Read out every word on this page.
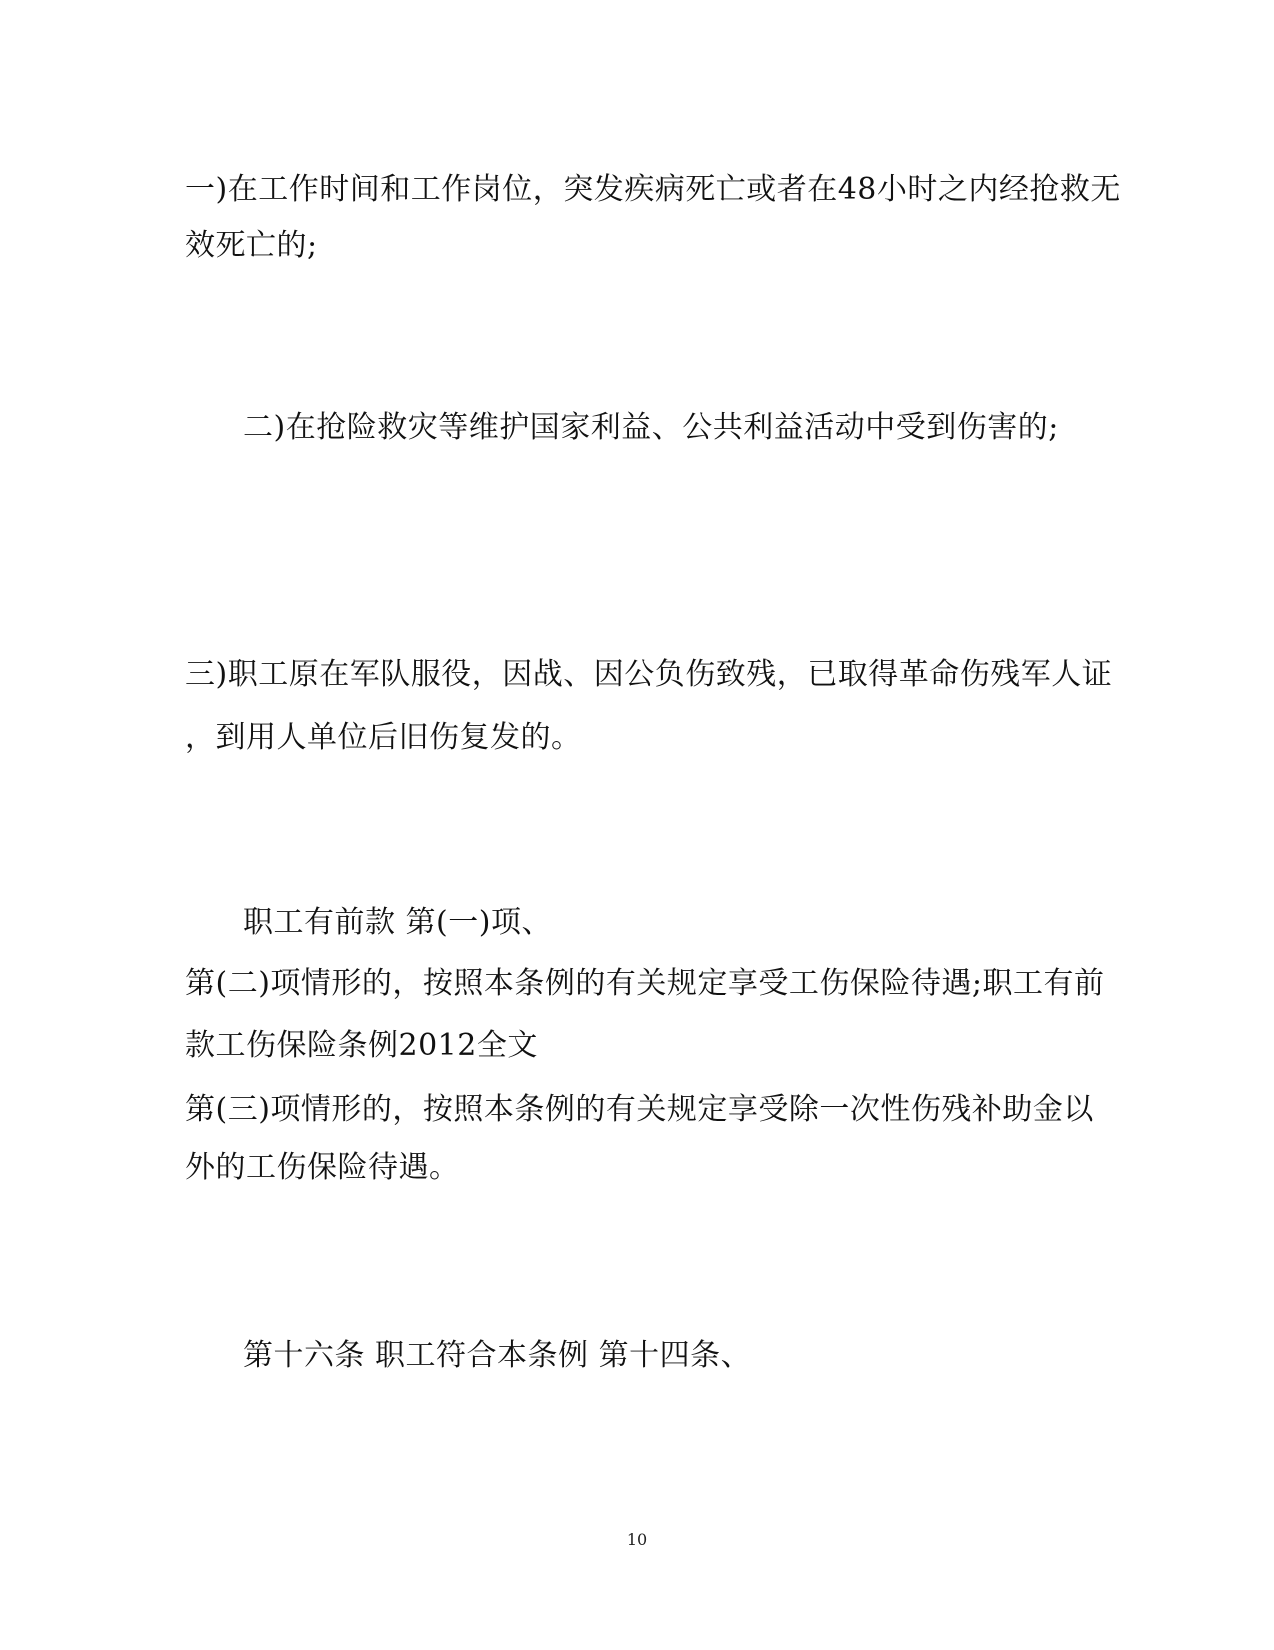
一)在工作时间和工作岗位，突发疾病死亡或者在48小时之内经抢救无
效死亡的;
二)在抢险救灾等维护国家利益、公共利益活动中受到伤害的;
三)职工原在军队服役，因战、因公负伤致残，已取得革命伤残军人证
，到用人单位后旧伤复发的。
职工有前款 第(一)项、
第(二)项情形的，按照本条例的有关规定享受工伤保险待遇;职工有前
款工伤保险条例2012全文
第(三)项情形的，按照本条例的有关规定享受除一次性伤残补助金以
外的工伤保险待遇。
第十六条 职工符合本条例 第十四条、
10
